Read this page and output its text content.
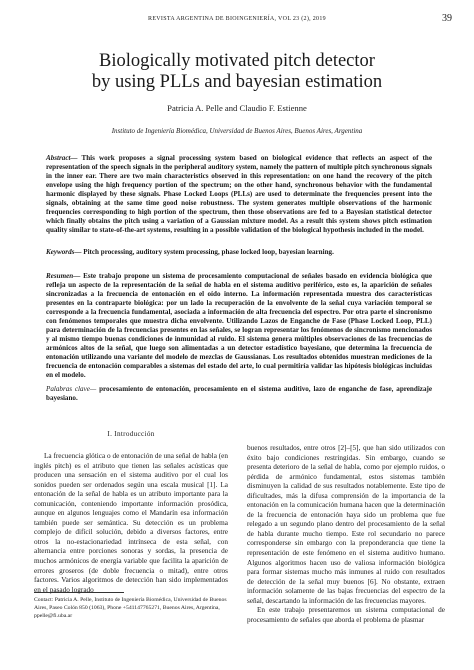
REVISTA ARGENTINA DE BIOINGENIERÍA, VOL 23 (2), 2019	39
Biologically motivated pitch detector
by using PLLs and bayesian estimation
Patricia A. Pelle and Claudio F. Estienne
Instituto de Ingeniería Biomédica, Universidad de Buenos Aires, Buenos Aires, Argentina
Abstract— This work proposes a signal processing system based on biological evidence that reflects an aspect of the representation of the speech signals in the peripheral auditory system, namely the pattern of multiple pitch synchronous signals in the inner ear. There are two main characteristics observed in this representation: on one hand the recovery of the pitch envelope using the high frequency portion of the spectrum; on the other hand, synchronous behavior with the fundamental harmonic displayed by these signals. Phase Locked Loops (PLLs) are used to determinate the frequencies present into the signals, obtaining at the same time good noise robustness. The system generates multiple observations of the harmonic frequencies corresponding to high portion of the spectrum, then those observations are fed to a Bayesian statistical detector which finally obtains the pitch using a variation of a Gaussian mixture model. As a result this system shows pitch estimation quality similar to state-of-the-art systems, resulting in a possible validation of the biological hypothesis included in the model.
Keywords— Pitch processing, auditory system processing, phase locked loop, bayesian learning.
Resumen— Este trabajo propone un sistema de procesamiento computacional de señales basado en evidencia biológica que refleja un aspecto de la representación de la señal de habla en el sistema auditivo periférico, esto es, la aparición de señales sincronizadas a la frecuencia de entonación en el oído interno. La información representada muestra dos características presentes en la contraparte biológica: por un lado la recuperación de la envolvente de la señal cuya variación temporal se corresponde a la frecuencia fundamental, asociada a información de alta frecuencia del espectro. Por otra parte el sincronismo con fenómenos temporales que muestra dicha envolvente. Utilizando Lazos de Enganche de Fase (Phase Locked Loop, PLL) para determinación de la frecuencias presentes en las señales, se logran representar los fenómenos de sincronismo mencionados y al mismo tiempo buenas condiciones de inmunidad al ruido. El sistema genera múltiples observaciones de las frecuencias de armónicos altos de la señal, que luego son alimentadas a un detector estadístico bayesiano, que determina la frecuencia de entonación utilizando una variante del modelo de mezclas de Gaussianas. Los resultados obtenidos muestran mediciones de la frecuencia de entonación comparables a sistemas del estado del arte, lo cual permitiría validar las hipótesis biológicas incluidas en el modelo.
Palabras clave— procesamiento de entonación, procesamiento en el sistema auditivo, lazo de enganche de fase, aprendizaje bayesiano.
I. Introducción

La frecuencia glótica o de entonación de una señal de habla (en inglés pitch) es el atributo que tienen las señales acústicas que producen una sensación en el sistema auditivo por el cual los sonidos pueden ser ordenados según una escala musical [1]. La entonación de la señal de habla es un atributo importante para la comunicación, conteniendo importante información prosódica, aunque en algunos lenguajes como el Mandarín esa información también puede ser semántica. Su detección es un problema complejo de difícil solución, debido a diversos factores, entre otros la no-estacionariedad intrínseca de esta señal, con alternancia entre porciones sonoras y sordas, la presencia de muchos armónicos de energía variable que facilita la aparición de errores groseros (de doble frecuencia o mitad), entre otros factores. Varios algoritmos de detección han sido implementados en el pasado logrado

Contact: Patricia A. Pelle, Instituto de Ingeniería Biomédica, Universidad de Buenos Aires, Paseo Colón 850 (1063), Phone +541147765271, Buenos Aires, Argentina, ppelle@fi.uba.ar

buenos resultados, entre otros [2]–[5], que han sido utilizados con éxito bajo condiciones restringidas. Sin embargo, cuando se presenta deterioro de la señal de habla, como por ejemplo ruidos, o pérdida de armónico fundamental, estos sistemas también disminuyen la calidad de sus resultados notablemente. Este tipo de dificultades, más la difusa comprensión de la importancia de la entonación en la comunicación humana hacen que la determinación de la frecuencia de entonación haya sido un problema que fue relegado a un segundo plano dentro del procesamiento de la señal de habla durante mucho tiempo. Este rol secundario no parece corresponderse sin embargo con la preponderancia que tiene la representación de este fenómeno en el sistema auditivo humano. Algunos algoritmos hacen uso de valiosa información biológica para formar sistemas mucho más inmunes al ruido con resultados de detección de la señal muy buenos [6]. No obstante, extraen información solamente de las bajas frecuencias del espectro de la señal, descartando la información de las frecuencias mayores.

En este trabajo presentaremos un sistema computacional de procesamiento de señales que aborda el problema de plasmar
